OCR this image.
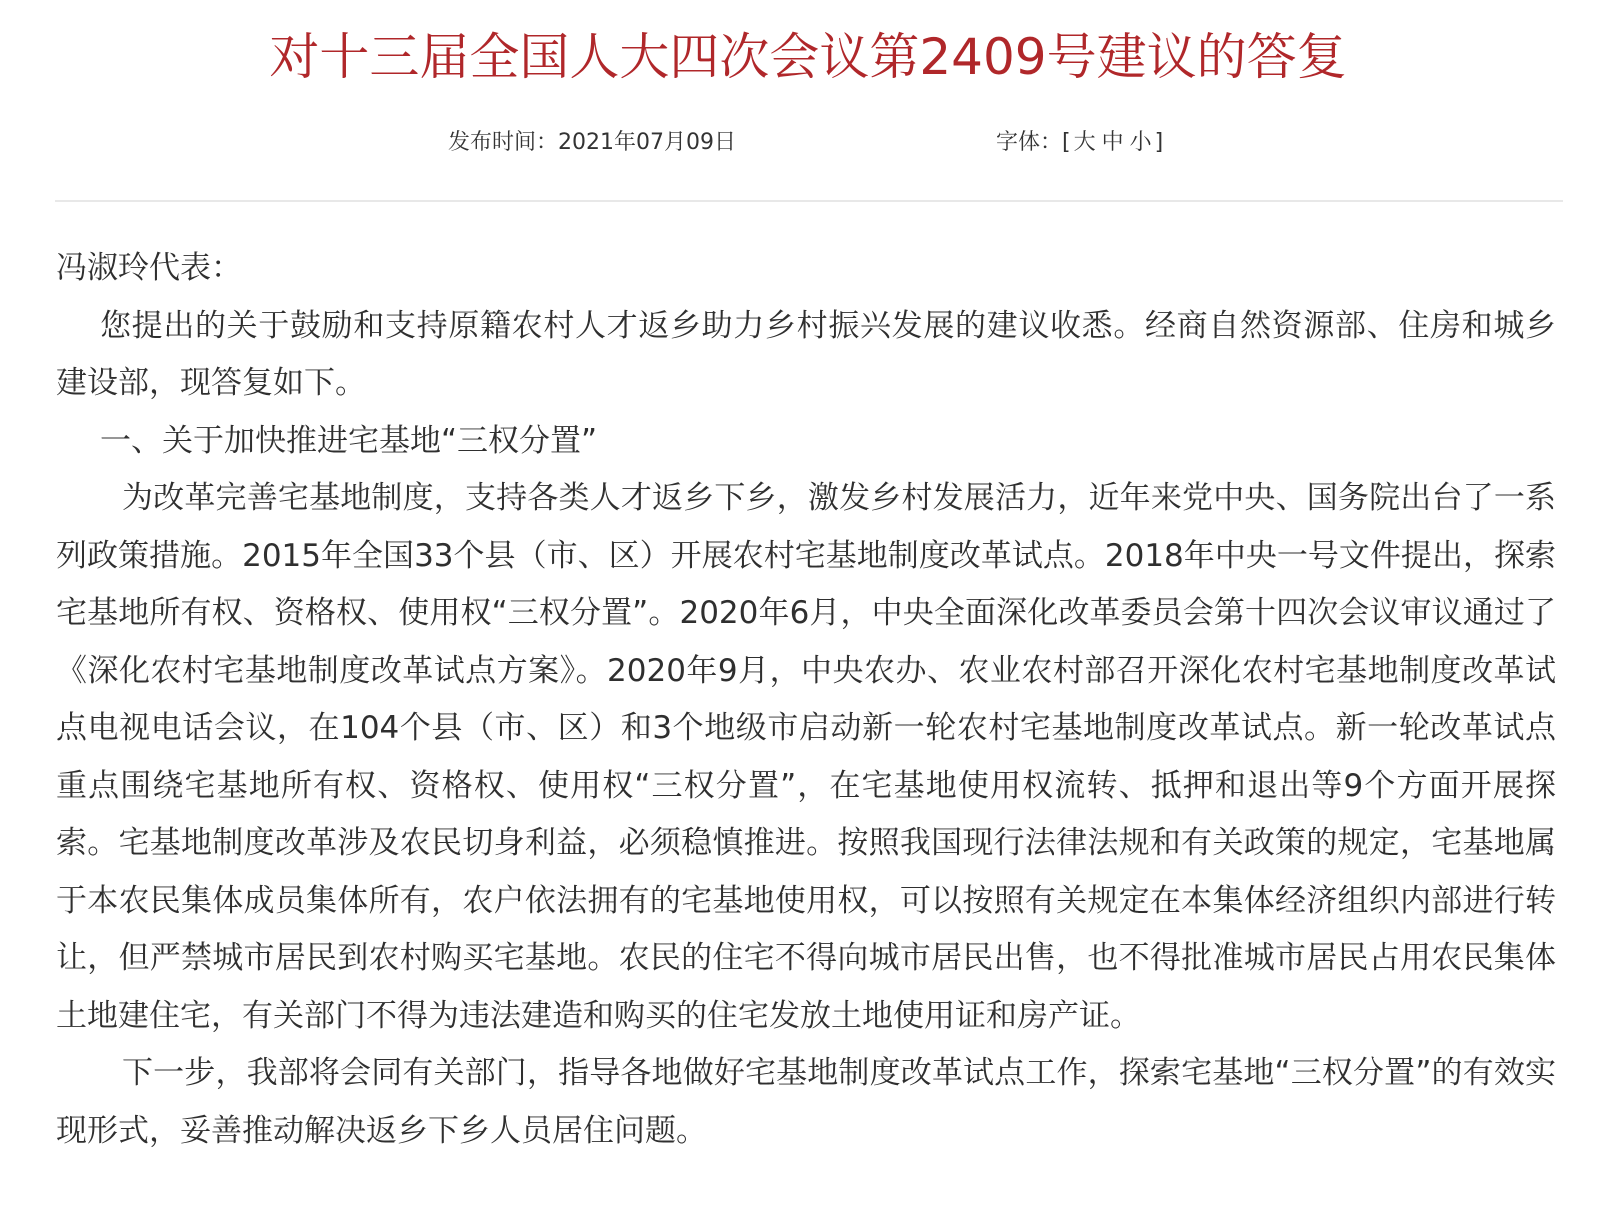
对十三届全国人大四次会议第2409号建议的答复
发布时间：2021年07月09日	字体：[ 大 中 小 ]

冯淑玲代表：

您提出的关于鼓励和支持原籍农村人才返乡助力乡村振兴发展的建议收悉。经商自然资源部、住房和城乡建设部，现答复如下。

一、关于加快推进宅基地“三权分置”

为改革完善宅基地制度，支持各类人才返乡下乡，激发乡村发展活力，近年来党中央、国务院出台了一系列政策措施。2015年全国33个县（市、区）开展农村宅基地制度改革试点。2018年中央一号文件提出，探索宅基地所有权、资格权、使用权“三权分置”。2020年6月，中央全面深化改革委员会第十四次会议审议通过了《深化农村宅基地制度改革试点方案》。2020年9月，中央农办、农业农村部召开深化农村宅基地制度改革试点电视电话会议，在104个县（市、区）和3个地级市启动新一轮农村宅基地制度改革试点。新一轮改革试点重点围绕宅基地所有权、资格权、使用权“三权分置”，在宅基地使用权流转、抵押和退出等9个方面开展探索。宅基地制度改革涉及农民切身利益，必须稳慎推进。按照我国现行法律法规和有关政策的规定，宅基地属于本农民集体成员集体所有，农户依法拥有的宅基地使用权，可以按照有关规定在本集体经济组织内部进行转让，但严禁城市居民到农村购买宅基地。农民的住宅不得向城市居民出售，也不得批准城市居民占用农民集体土地建住宅，有关部门不得为违法建造和购买的住宅发放土地使用证和房产证。

下一步，我部将会同有关部门，指导各地做好宅基地制度改革试点工作，探索宅基地“三权分置”的有效实现形式，妥善推动解决返乡下乡人员居住问题。
